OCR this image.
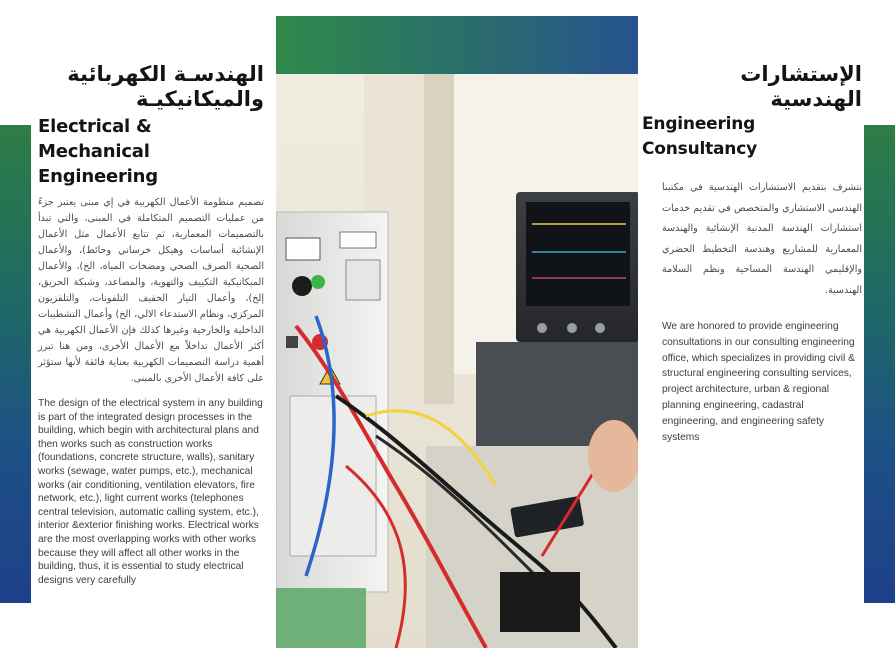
الهندسـة الكهربائية والميكانيكيـة
Electrical & Mechanical Engineering

تصميم منظومة الأعمال الكهربية في إي مبنى يعتبر جزءً من عمليات التصميم المتكاملة في المبنى، والتي تبدأ بالتصميمات المعمارية، ثم تتابع الأعمال مثل الأعمال الإنشائية أساسات وهيكل خرساني وحائط)، والأعمال الصحية الصرف الصحي ومضخات المياه، الخ)، والأعمال الميكانيكية التكييف والتهوية، والمصاعد، وشبكة الحريق، إلخ)، وأعمال التيار الخفيف التلفونات، والتلفزيون المركزي، ونظام الاستدعاء الالي، الخ) وأعمال التشطيبات الداخلية والخارجية وغيرها كذلك فإن الأعمال الكهربية هي أكثر الأعمال تداخلاً مع الأعمال الأخرى، ومن هنا تبرز أهمية دراسة التصميمات الكهربية بعناية فائقة لأنها ستؤثر على كافة الأعمال الأخرى بالمبنى.

The design of the electrical system in any building is part of the integrated design processes in the building, which begin with architectural plans and then works such as construction works (foundations, concrete structure, walls), sanitary works (sewage, water pumps, etc.), mechanical works (air conditioning, ventilation elevators, fire network, etc.), light current works (telephones central television, automatic calling system, etc.), interior &exterior finishing works. Electrical works are the most overlapping works with other works because they will affect all other works in the building, thus, it is essential to study electrical designs very carefully

الإستشارات الهندسية
Engineering Consultancy

نتشرف بتقديم الاستشارات الهندسية في مكتبنا الهندسي الاستشاري والمتخصص في تقديم خدمات استشارات الهندسة المدنية الإنشائية والهندسة المعمارية للمشاريع وهندسة التخطيط الحضري والإقليمي الهندسة المساحية ونظم السلامة الهندسية.

We are honored to provide engineering consultations in our consulting engineering office, which specializes in providing civil & structural engineering consulting services, project architecture, urban & regional planning engineering, cadastral engineering, and engineering safety systems
